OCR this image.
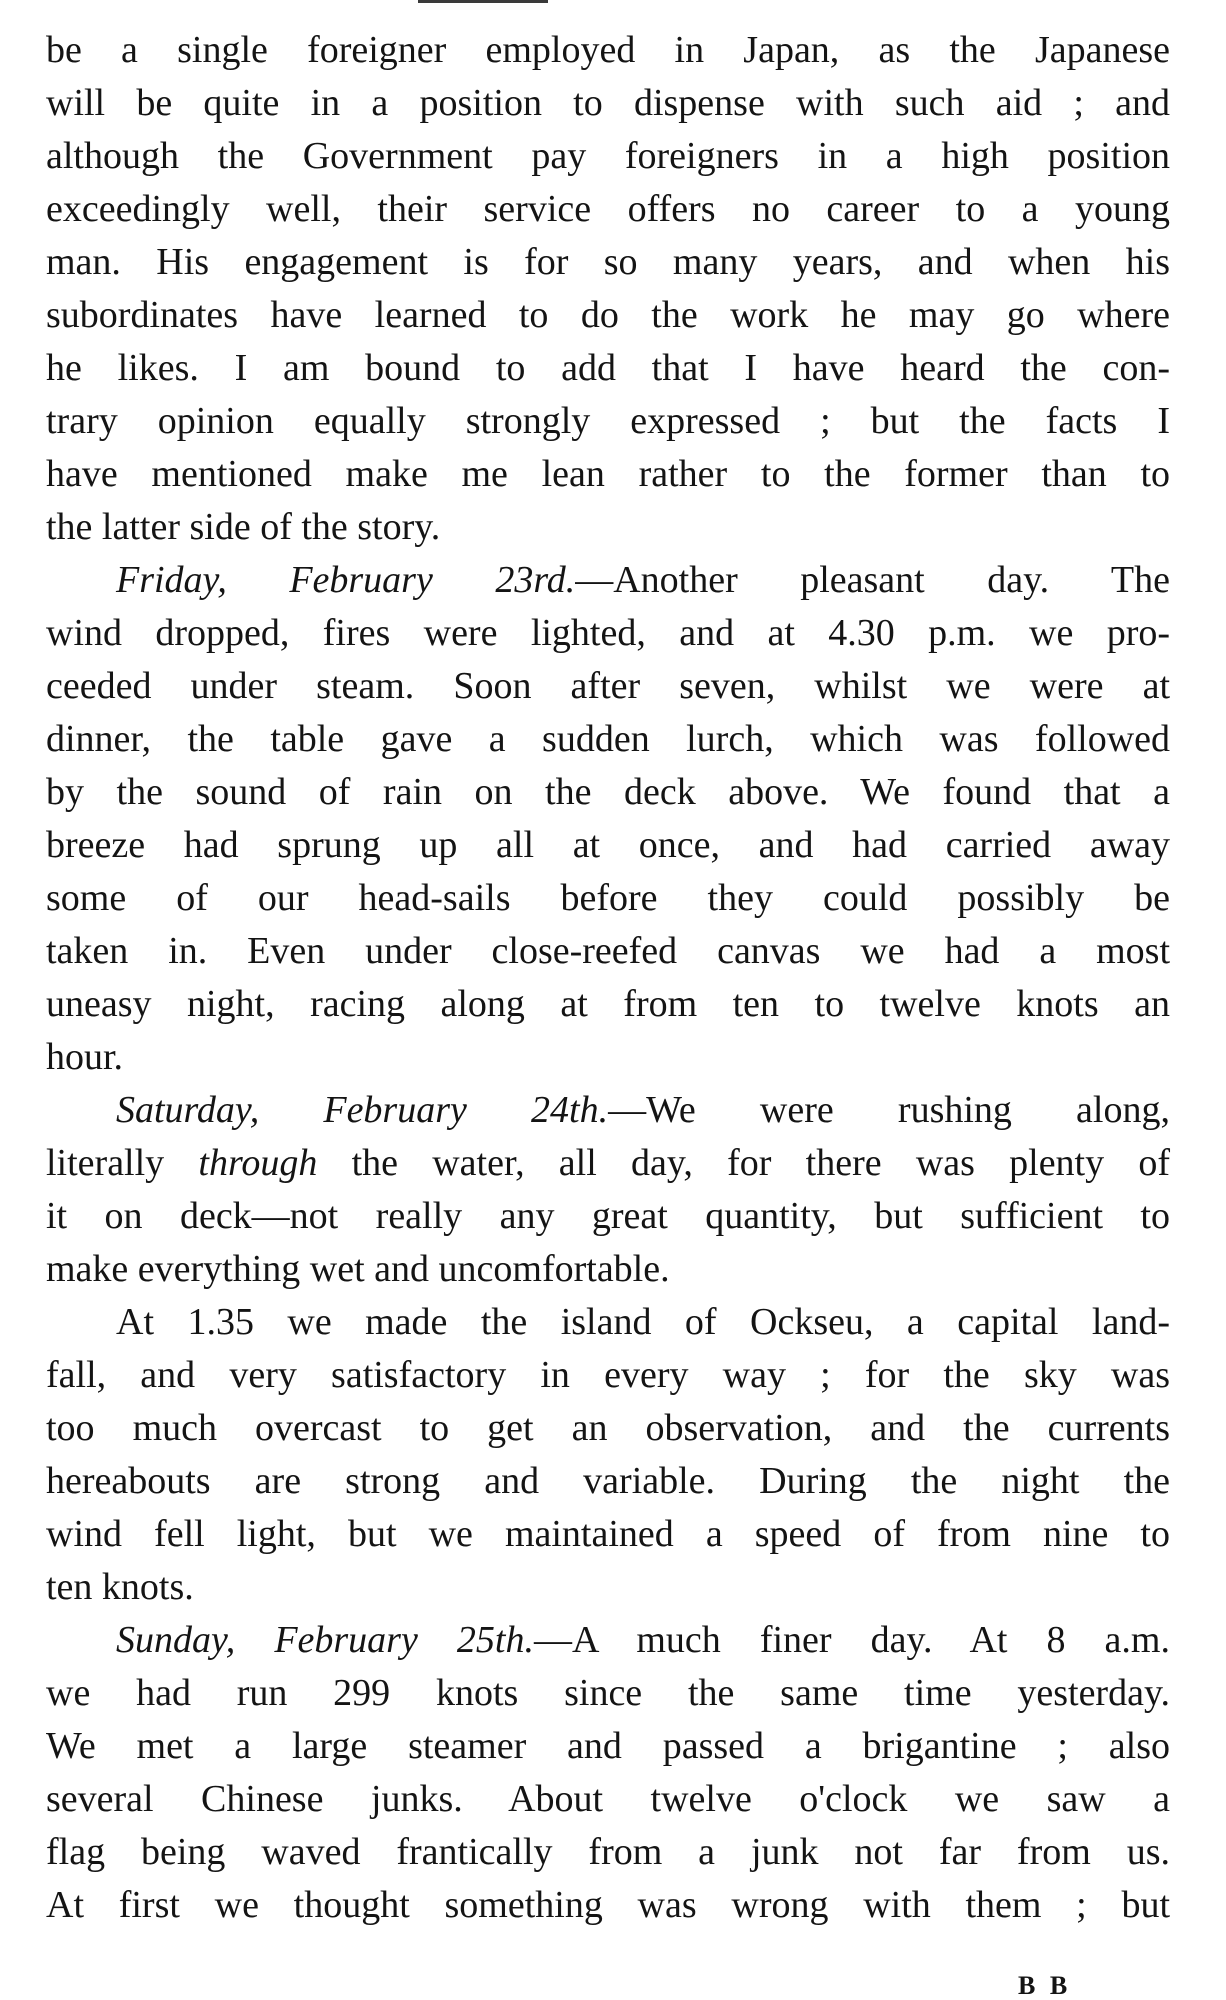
be a single foreigner employed in Japan, as the Japanese
will be quite in a position to dispense with such aid ; and
although the Government pay foreigners in a high position
exceedingly well, their service offers no career to a young
man. His engagement is for so many years, and when his
subordinates have learned to do the work he may go where
he likes. I am bound to add that I have heard the con-
trary opinion equally strongly expressed ; but the facts I
have mentioned make me lean rather to the former than to
the latter side of the story.
Friday, February 23rd.—Another pleasant day. The
wind dropped, fires were lighted, and at 4.30 p.m. we pro-
ceeded under steam. Soon after seven, whilst we were at
dinner, the table gave a sudden lurch, which was followed
by the sound of rain on the deck above. We found that a
breeze had sprung up all at once, and had carried away
some of our head-sails before they could possibly be
taken in. Even under close-reefed canvas we had a most
uneasy night, racing along at from ten to twelve knots an
hour.
Saturday, February 24th.—We were rushing along,
literally through the water, all day, for there was plenty of
it on deck—not really any great quantity, but sufficient to
make everything wet and uncomfortable.
At 1.35 we made the island of Ockseu, a capital land-
fall, and very satisfactory in every way ; for the sky was
too much overcast to get an observation, and the currents
hereabouts are strong and variable. During the night the
wind fell light, but we maintained a speed of from nine to
ten knots.
Sunday, February 25th.—A much finer day. At 8 a.m.
we had run 299 knots since the same time yesterday.
We met a large steamer and passed a brigantine ; also
several Chinese junks. About twelve o'clock we saw a
flag being waved frantically from a junk not far from us.
At first we thought something was wrong with them ; but
B B
